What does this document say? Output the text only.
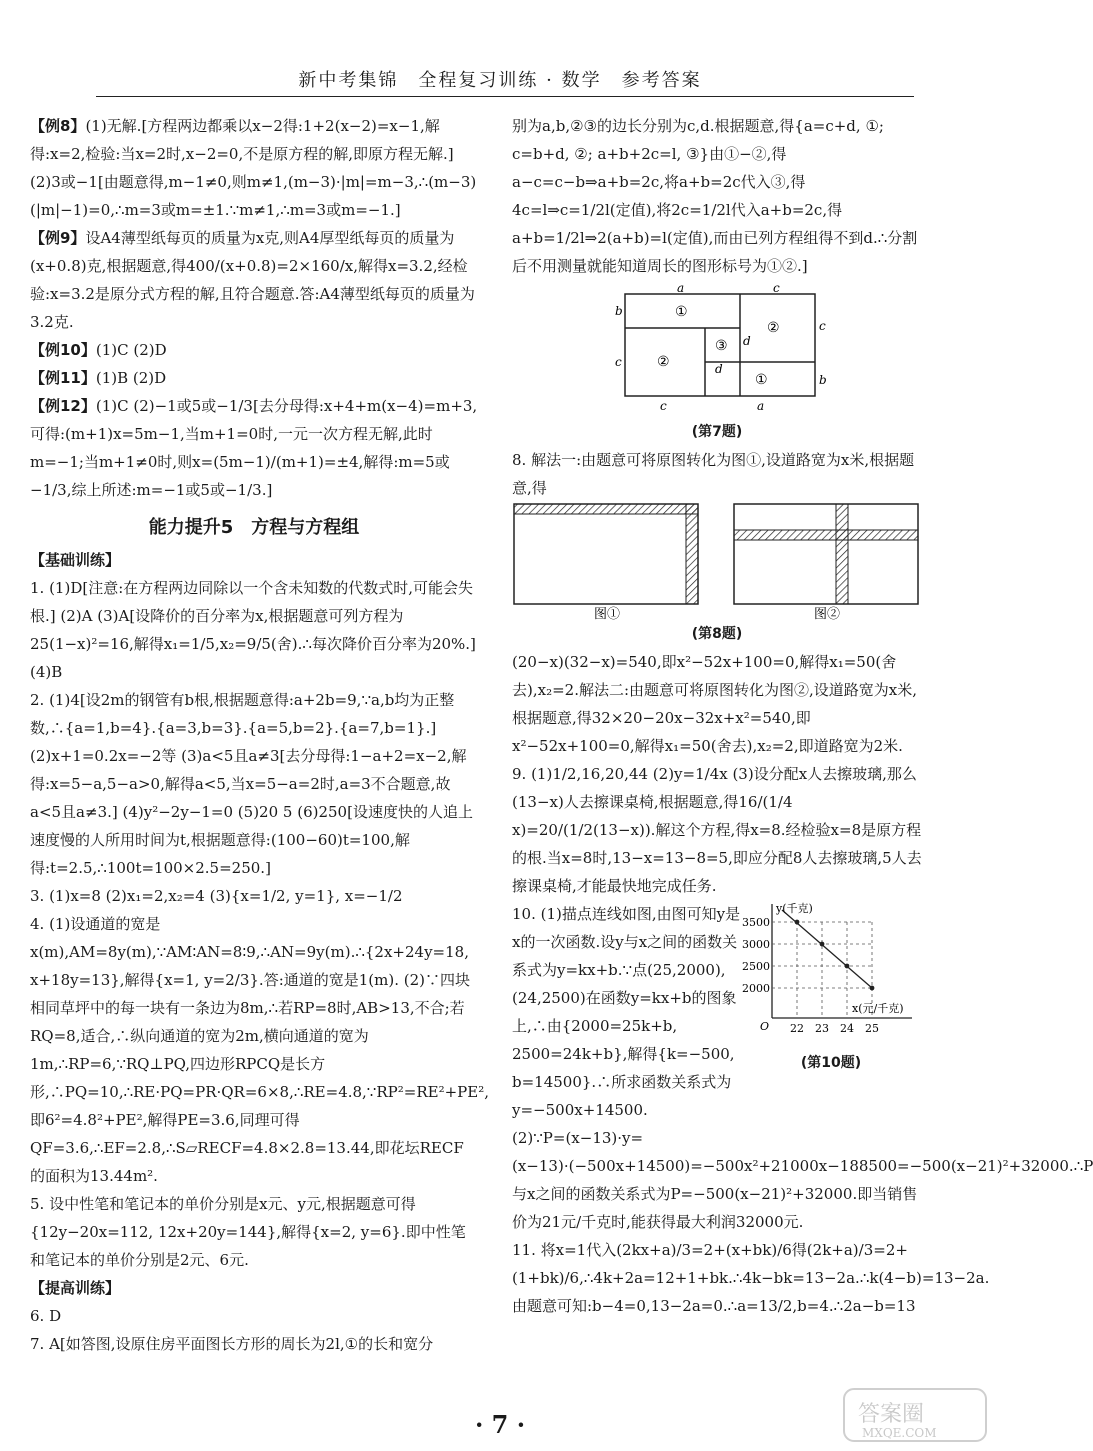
新中考集锦　全程复习训练 · 数学　参考答案

【例8】(1)无解.[方程两边都乘以x−2得:1+2(x−2)=x−1,解得:x=2,检验:当x=2时,x−2=0,不是原方程的解,即原方程无解.] (2)3或−1[由题意得,m−1≠0,则m≠1,(m−3)·|m|=m−3,∴(m−3)(|m|−1)=0,∴m=3或m=±1.∵m≠1,∴m=3或m=−1.]

【例9】设A4薄型纸每页的质量为x克,则A4厚型纸每页的质量为(x+0.8)克,根据题意,得400/(x+0.8)=2×160/x,解得x=3.2,经检验:x=3.2是原分式方程的解,且符合题意.答:A4薄型纸每页的质量为3.2克.

【例10】(1)C (2)D

【例11】(1)B (2)D

【例12】(1)C (2)−1或5或−1/3[去分母得:x+4+m(x−4)=m+3,可得:(m+1)x=5m−1,当m+1=0时,一元一次方程无解,此时m=−1;当m+1≠0时,则x=(5m−1)/(m+1)=±4,解得:m=5或−1/3,综上所述:m=−1或5或−1/3.]

能力提升5　方程与方程组
【基础训练】

1. (1)D[注意:在方程两边同除以一个含未知数的代数式时,可能会失根.] (2)A (3)A[设降价的百分率为x,根据题意可列方程为25(1−x)²=16,解得x₁=1/5,x₂=9/5(舍).∴每次降价百分率为20%.] (4)B

2. (1)4[设2m的钢管有b根,根据题意得:a+2b=9,∵a,b均为正整数,∴{a=1,b=4}.{a=3,b=3}.{a=5,b=2}.{a=7,b=1}.] (2)x+1=0.2x=−2等 (3)a<5且a≠3[去分母得:1−a+2=x−2,解得:x=5−a,5−a>0,解得a<5,当x=5−a=2时,a=3不合题意,故a<5且a≠3.] (4)y²−2y−1=0 (5)20 5 (6)250[设速度快的人追上速度慢的人所用时间为t,根据题意得:(100−60)t=100,解得:t=2.5,∴100t=100×2.5=250.]

3. (1)x=8 (2)x₁=2,x₂=4 (3){x=1/2, y=1}, x=−1/2

4. (1)设通道的宽是x(m),AM=8y(m),∵AM∶AN=8∶9,∴AN=9y(m).∴{2x+24y=18, x+18y=13},解得{x=1, y=2/3}.答:通道的宽是1(m). (2)∵四块相同草坪中的每一块有一条边为8m,∴若RP=8时,AB>13,不合;若RQ=8,适合,∴纵向通道的宽为2m,横向通道的宽为1m,∴RP=6,∵RQ⊥PQ,四边形RPCQ是长方形,∴PQ=10,∴RE·PQ=PR·QR=6×8,∴RE=4.8,∵RP²=RE²+PE²,即6²=4.8²+PE²,解得PE=3.6,同理可得QF=3.6,∴EF=2.8,∴S▱RECF=4.8×2.8=13.44,即花坛RECF的面积为13.44m².

5. 设中性笔和笔记本的单价分别是x元、y元,根据题意可得{12y−20x=112, 12x+20y=144},解得{x=2, y=6}.即中性笔和笔记本的单价分别是2元、6元.

【提高训练】

6. D

7. A[如答图,设原住房平面图长方形的周长为2l,①的长和宽分

别为a,b,②③的边长分别为c,d.根据题意,得{a=c+d, ①; c=b+d, ②; a+b+2c=l, ③}由①−②,得a−c=c−b⇒a+b=2c,将a+b=2c代入③,得4c=l⇒c=1/2l(定值),将2c=1/2l代入a+b=2c,得a+b=1/2l⇒2(a+b)=l(定值),而由已列方程组得不到d.∴分割后不用测量就能知道周长的图形标号为①②.]

a	c
b
c
c
b
c	a
d
d
①
②
②
③
①
(第7题)

8. 解法一:由题意可将原图转化为图①,设道路宽为x米,根据题意,得

图①	图②
(第8题)

(20−x)(32−x)=540,即x²−52x+100=0,解得x₁=50(舍去),x₂=2.解法二:由题意可将原图转化为图②,设道路宽为x米,根据题意,得32×20−20x−32x+x²=540,即x²−52x+100=0,解得x₁=50(舍去),x₂=2,即道路宽为2米.

9. (1)1/2,16,20,44 (2)y=1/4x (3)设分配x人去擦玻璃,那么(13−x)人去擦课桌椅,根据题意,得16/(1/4 x)=20/(1/2(13−x)).解这个方程,得x=8.经检验x=8是原方程的根.当x=8时,13−x=13−8=5,即应分配8人去擦玻璃,5人去擦课桌椅,才能最快地完成任务.

10. (1)描点连线如图,由图可知y是x的一次函数.设y与x之间的函数关系式为y=kx+b.∵点(25,2000),(24,2500)在函数y=kx+b的图象上,∴由{2000=25k+b, 2500=24k+b},解得{k=−500, b=14500}.∴所求函数关系式为y=−500x+14500.

y(千克)
3500
3000
2500
2000
O 22 23 24 25
x(元/千克)
(第10题)

(2)∵P=(x−13)·y=(x−13)·(−500x+14500)=−500x²+21000x−188500=−500(x−21)²+32000.∴P与x之间的函数关系式为P=−500(x−21)²+32000.即当销售价为21元/千克时,能获得最大利润32000元.

11. 将x=1代入(2kx+a)/3=2+(x+bk)/6得(2k+a)/3=2+(1+bk)/6,∴4k+2a=12+1+bk.∴4k−bk=13−2a.∴k(4−b)=13−2a.由题意可知:b−4=0,13−2a=0.∴a=13/2,b=4.∴2a−b=13

· 7 ·	答案圈
MXQE.COM
